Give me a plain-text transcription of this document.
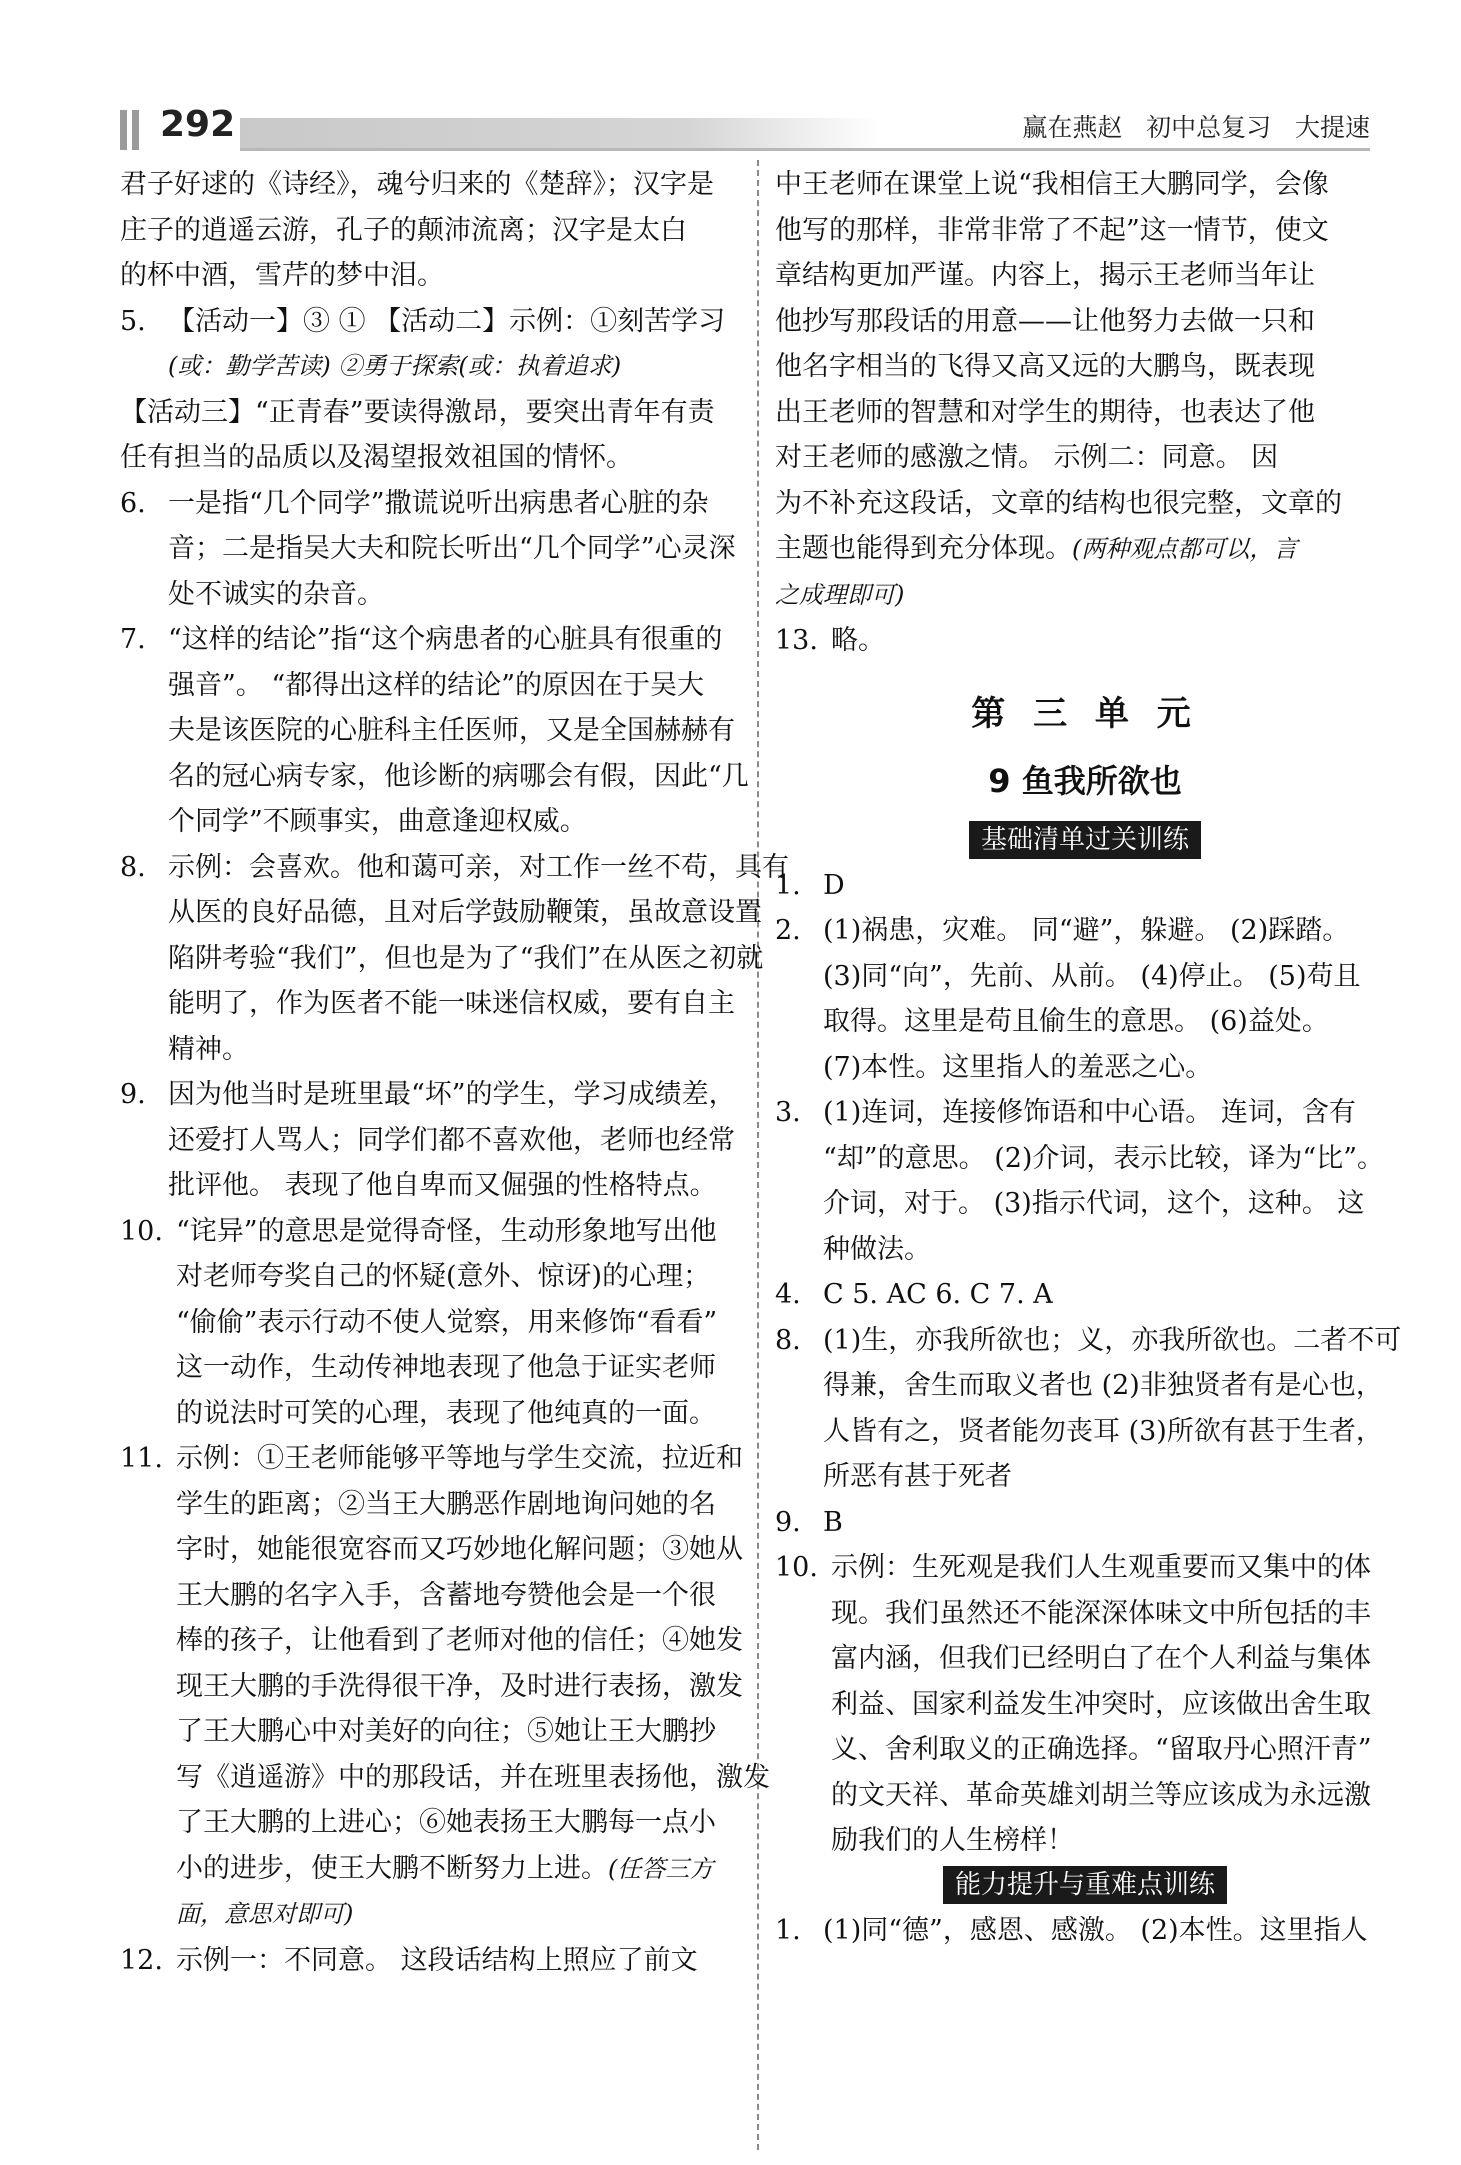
292	赢在燕赵   初中总复习   大提速
君子好逑的《诗经》，魂兮归来的《楚辞》；汉字是
庄子的逍遥云游，孔子的颠沛流离；汉字是太白
的杯中酒，雪芹的梦中泪。
5. 【活动一】③ ① 【活动二】示例：①刻苦学习
(或：勤学苦读) ②勇于探索(或：执着追求)
【活动三】“正青春”要读得激昂，要突出青年有责
任有担当的品质以及渴望报效祖国的情怀。
6. 一是指“几个同学”撒谎说听出病患者心脏的杂
音；二是指吴大夫和院长听出“几个同学”心灵深
处不诚实的杂音。
7. “这样的结论”指“这个病患者的心脏具有很重的
强音”。 “都得出这样的结论”的原因在于吴大
夫是该医院的心脏科主任医师，又是全国赫赫有
名的冠心病专家，他诊断的病哪会有假，因此“几
个同学”不顾事实，曲意逢迎权威。
8. 示例：会喜欢。他和蔼可亲，对工作一丝不苟，具有
从医的良好品德，且对后学鼓励鞭策，虽故意设置
陷阱考验“我们”，但也是为了“我们”在从医之初就
能明了，作为医者不能一味迷信权威，要有自主
精神。
9. 因为他当时是班里最“坏”的学生，学习成绩差，
还爱打人骂人；同学们都不喜欢他，老师也经常
批评他。 表现了他自卑而又倔强的性格特点。
10. “诧异”的意思是觉得奇怪，生动形象地写出他
对老师夸奖自己的怀疑(意外、惊讶)的心理；
“偷偷”表示行动不使人觉察，用来修饰“看看”
这一动作，生动传神地表现了他急于证实老师
的说法时可笑的心理，表现了他纯真的一面。
11. 示例：①王老师能够平等地与学生交流，拉近和
学生的距离；②当王大鹏恶作剧地询问她的名
字时，她能很宽容而又巧妙地化解问题；③她从
王大鹏的名字入手，含蓄地夸赞他会是一个很
棒的孩子，让他看到了老师对他的信任；④她发
现王大鹏的手洗得很干净，及时进行表扬，激发
了王大鹏心中对美好的向往；⑤她让王大鹏抄
写《逍遥游》中的那段话，并在班里表扬他，激发
了王大鹏的上进心；⑥她表扬王大鹏每一点小
小的进步，使王大鹏不断努力上进。(任答三方
面，意思对即可)
12. 示例一：不同意。 这段话结构上照应了前文
中王老师在课堂上说“我相信王大鹏同学，会像
他写的那样，非常非常了不起”这一情节，使文
章结构更加严谨。内容上，揭示王老师当年让
他抄写那段话的用意——让他努力去做一只和
他名字相当的飞得又高又远的大鹏鸟，既表现
出王老师的智慧和对学生的期待，也表达了他
对王老师的感激之情。 示例二：同意。 因
为不补充这段话，文章的结构也很完整，文章的
主题也能得到充分体现。(两种观点都可以，言
之成理即可)
13. 略。
第 三 单 元
9 鱼我所欲也
基础清单过关训练
1. D
2. (1)祸患，灾难。 同“避”，躲避。 (2)踩踏。
(3)同“向”，先前、从前。 (4)停止。 (5)苟且
取得。这里是苟且偷生的意思。 (6)益处。
(7)本性。这里指人的羞恶之心。
3. (1)连词，连接修饰语和中心语。 连词，含有
“却”的意思。 (2)介词，表示比较，译为“比”。
介词，对于。 (3)指示代词，这个，这种。 这
种做法。
4. C 5. AC 6. C 7. A
8. (1)生，亦我所欲也；义，亦我所欲也。二者不可
得兼，舍生而取义者也 (2)非独贤者有是心也，
人皆有之，贤者能勿丧耳 (3)所欲有甚于生者，
所恶有甚于死者
9. B
10. 示例：生死观是我们人生观重要而又集中的体
现。我们虽然还不能深深体味文中所包括的丰
富内涵，但我们已经明白了在个人利益与集体
利益、国家利益发生冲突时，应该做出舍生取
义、舍利取义的正确选择。“留取丹心照汗青”
的文天祥、革命英雄刘胡兰等应该成为永远激
励我们的人生榜样！
能力提升与重难点训练
1. (1)同“德”，感恩、感激。 (2)本性。这里指人
